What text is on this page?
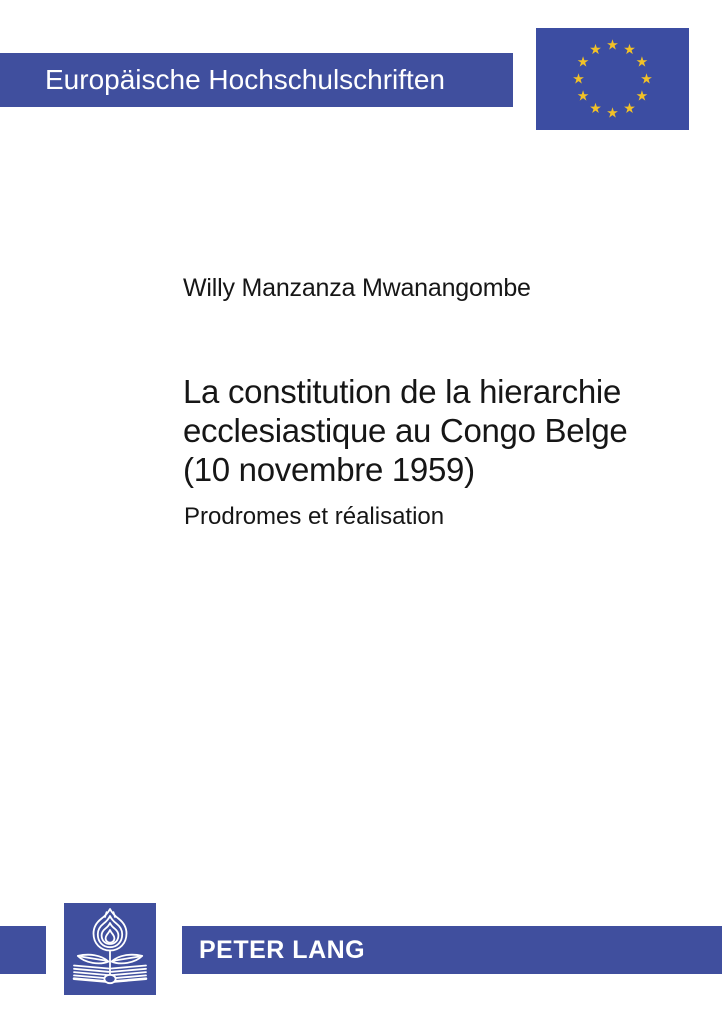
Europäische Hochschulschriften
Willy Manzanza Mwanangombe
La constitution de la hierarchie
ecclesiastique au Congo Belge
(10 novembre 1959)
Prodromes et réalisation
PETER LANG
